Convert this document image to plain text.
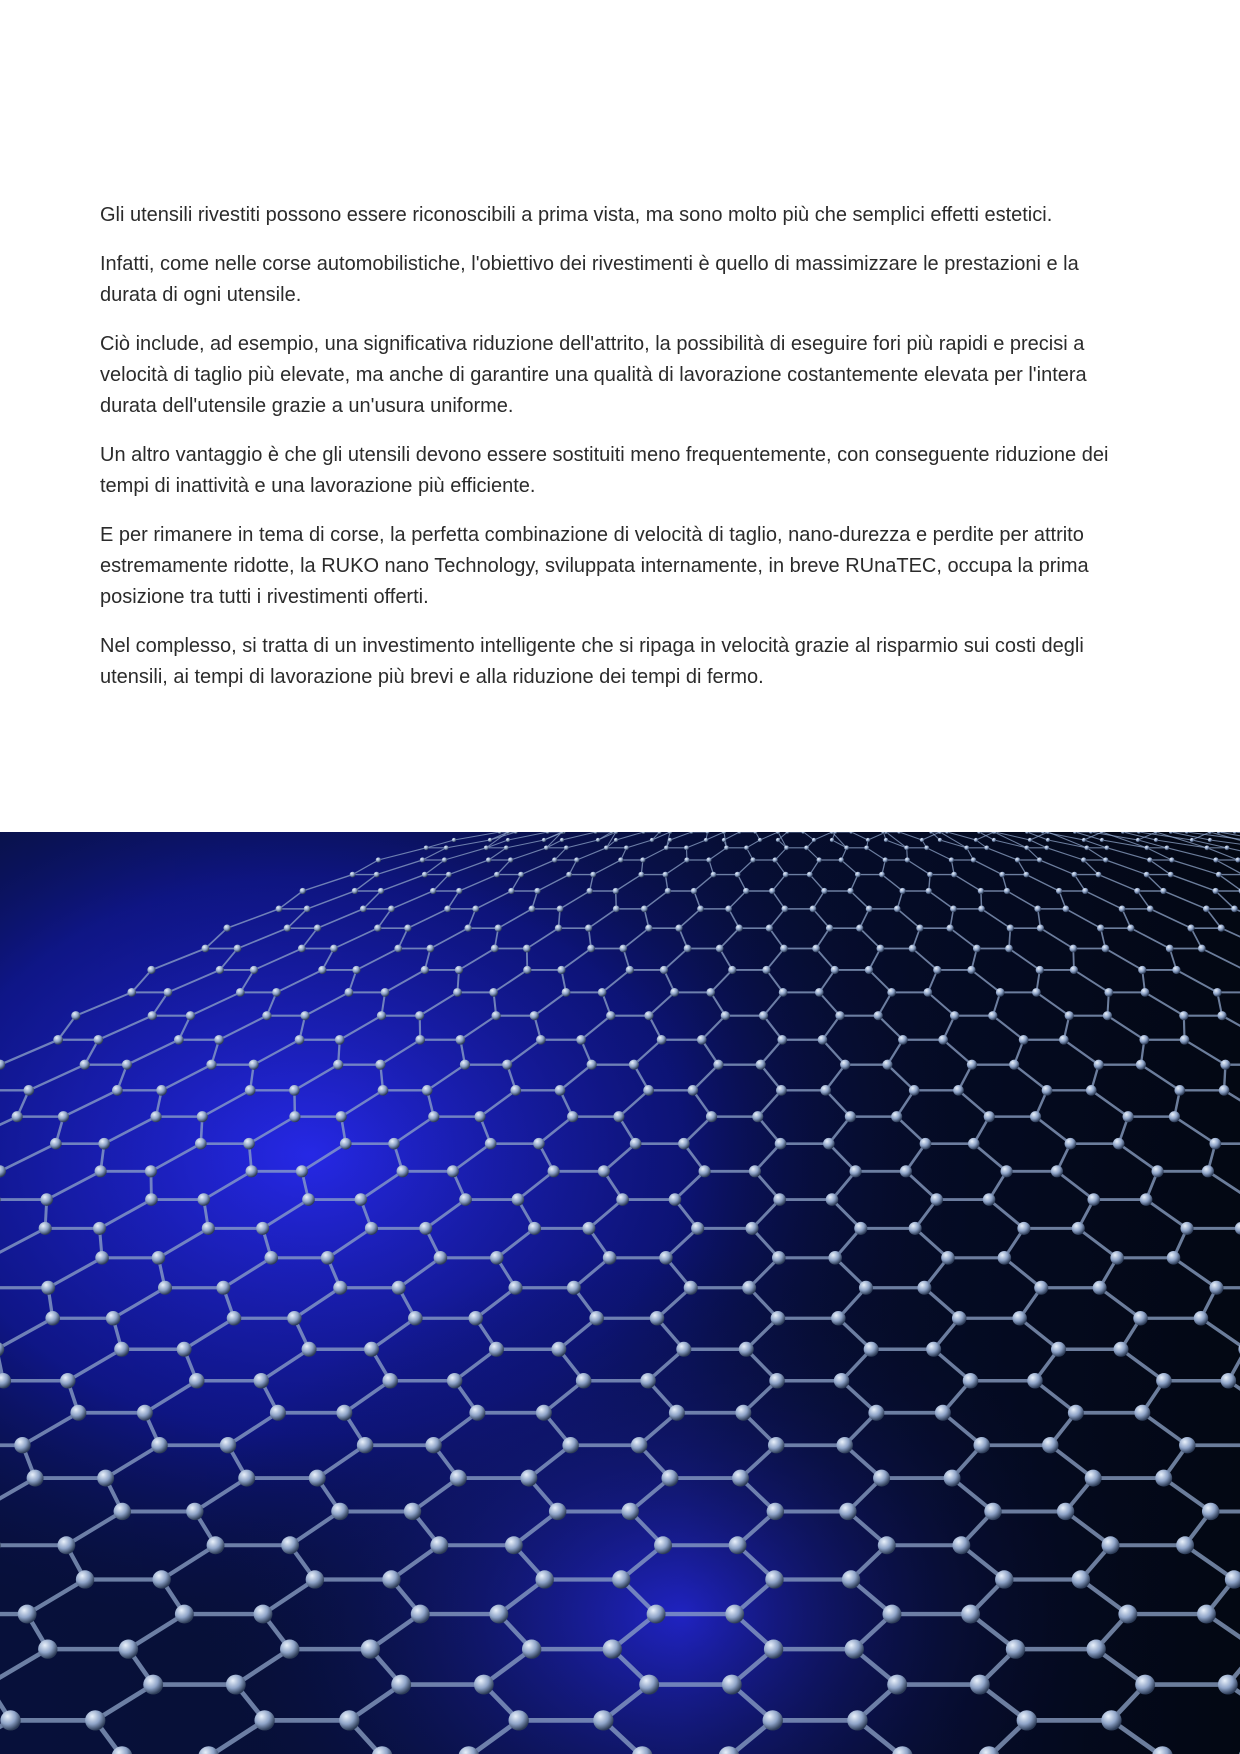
Gli utensili rivestiti possono essere riconoscibili a prima vista, ma sono molto più che semplici effetti estetici.

Infatti, come nelle corse automobilistiche, l'obiettivo dei rivestimenti è quello di massimizzare le prestazioni e la durata di ogni utensile.

Ciò include, ad esempio, una significativa riduzione dell'attrito, la possibilità di eseguire fori più rapidi e precisi a velocità di taglio più elevate, ma anche di garantire una qualità di lavorazione costantemente elevata per l'intera durata dell'utensile grazie a un'usura uniforme.

Un altro vantaggio è che gli utensili devono essere sostituiti meno frequentemente, con conseguente riduzione dei tempi di inattività e una lavorazione più efficiente.

E per rimanere in tema di corse, la perfetta combinazione di velocità di taglio, nano-durezza e perdite per attrito estremamente ridotte, la RUKO nano Technology, sviluppata internamente, in breve RUnaTEC, occupa la prima posizione tra tutti i rivestimenti offerti.

Nel complesso, si tratta di un investimento intelligente che si ripaga in velocità grazie al risparmio sui costi degli utensili, ai tempi di lavorazione più brevi e alla riduzione dei tempi di fermo.
